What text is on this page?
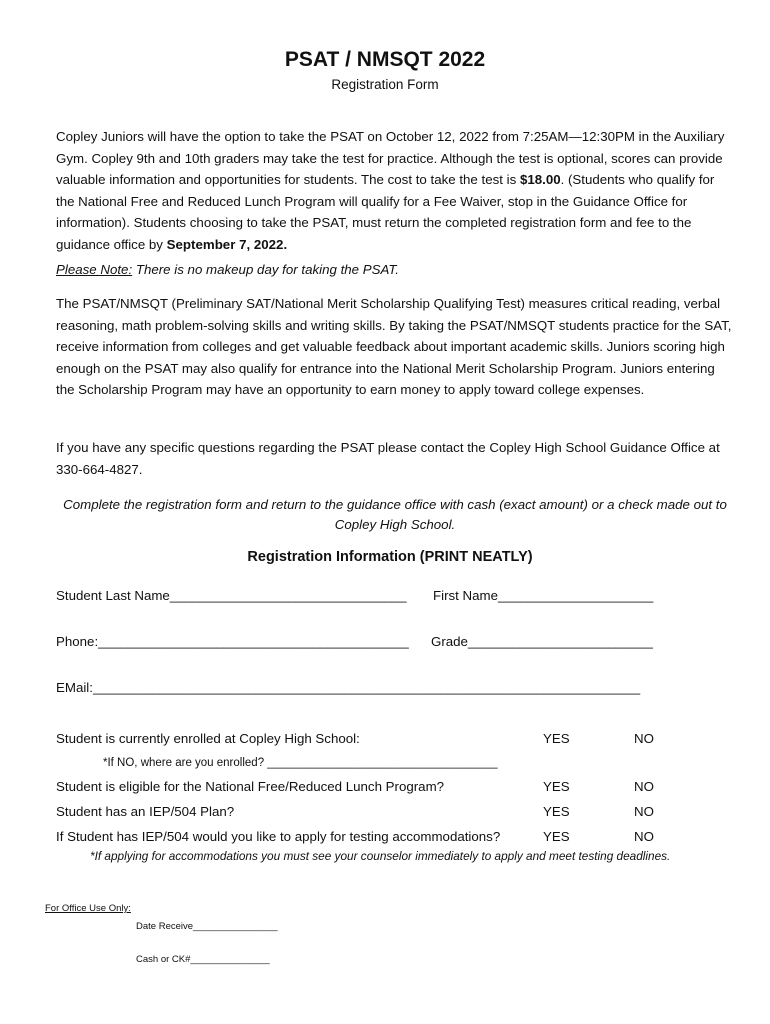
PSAT / NMSQT 2022
Registration Form
Copley Juniors will have the option to take the PSAT on October 12, 2022 from 7:25AM—12:30PM in the Auxiliary Gym. Copley 9th and 10th graders may take the test for practice. Although the test is optional, scores can provide valuable information and opportunities for students. The cost to take the test is $18.00. (Students who qualify for the National Free and Reduced Lunch Program will qualify for a Fee Waiver, stop in the Guidance Office for information). Students choosing to take the PSAT, must return the completed registration form and fee to the guidance office by September 7, 2022.
Please Note: There is no makeup day for taking the PSAT.
The PSAT/NMSQT (Preliminary SAT/National Merit Scholarship Qualifying Test) measures critical reading, verbal reasoning, math problem-solving skills and writing skills. By taking the PSAT/NMSQT students practice for the SAT, receive information from colleges and get valuable feedback about important academic skills. Juniors scoring high enough on the PSAT may also qualify for entrance into the National Merit Scholarship Program. Juniors entering the Scholarship Program may have an opportunity to earn money to apply toward college expenses.
If you have any specific questions regarding the PSAT please contact the Copley High School Guidance Office at 330-664-4827.
Complete the registration form and return to the guidance office with cash (exact amount) or a check made out to Copley High School.
Registration Information (PRINT NEATLY)
Student Last Name________________________________ First Name_____________________
Phone:__________________________________________ Grade_________________________
EMail:__________________________________________________________________________
Student is currently enrolled at Copley High School:	YES	NO
*If NO, where are you enrolled? ____________________________________
Student is eligible for the National Free/Reduced Lunch Program?	YES	NO
Student has an IEP/504 Plan?	YES	NO
If Student has IEP/504 would you like to apply for testing accommodations?	YES	NO
*If applying for accommodations you must see your counselor immediately to apply and meet testing deadlines.
For Office Use Only:
Date Receive________________
Cash or CK#_______________
